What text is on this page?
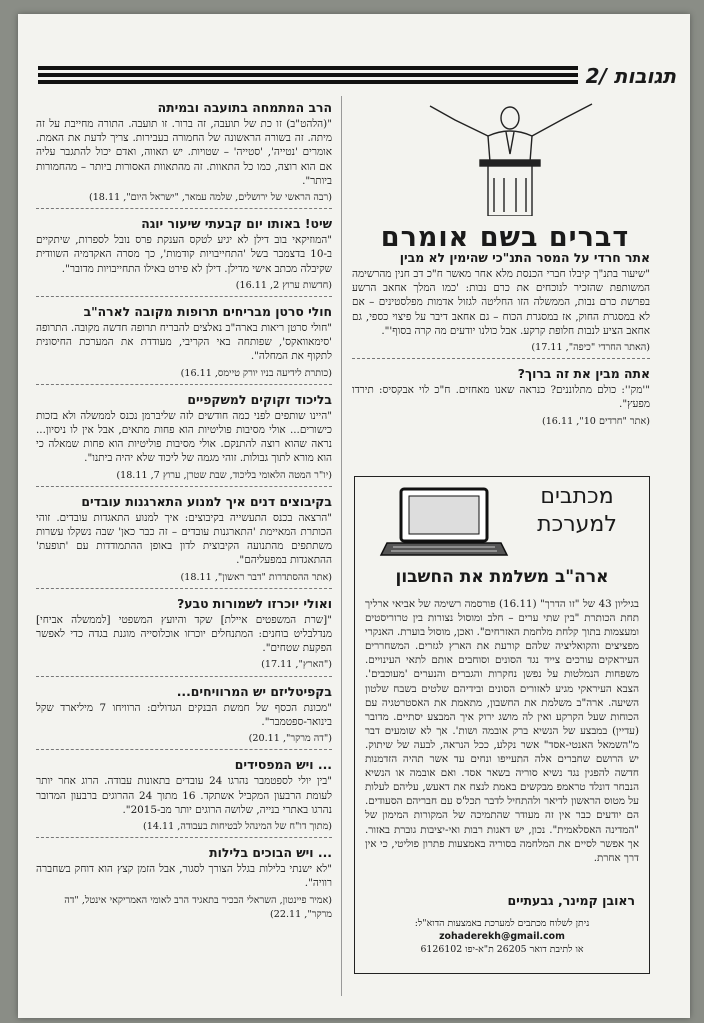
תגובות /2
דברים בשם אומרם
הרב המתמחה בתועבה ובמיתה

"(הלהט"ב) זו כת של תועבה, זה ברור. זו תועבה. התורה מחייבת על זה מיתה. זה בשורה הראשונה של החמורה בעבירות. צריך לדעת את האמת. אומרים 'נטייה', 'סטייה' – שטויות. יש תאווה, ואדם יכול להתגבר עליה אם הוא רוצה, כמו כל התאוות. זה מהתאוות האסורות ביותר – מהחמורות ביותר".

(רבה הראשי של ירושלים, שלמה עמאר, "ישראל היום", 18.11)
שיט! באותו יום קבעתי שיעור יוגה

"המוזיקאי בוב דילן לא יגיע לטקס הענקת פרס נובל לספרות, שיתקיים ב-10 בדצמבר בשל 'התחייבויות קודמות', כך מסרה האקדמיה השוודית שקיבלה מכתב אישי מדילן. דילן לא פירט באילו התחייבויות מדובר".

(חדשות ערוץ 2, 16.11)
חולי סרטן מבריחים תרופות מקובה לארה"ב

"חולי סרטן ריאות בארה"ב נאלצים להבריח תרופה חדשה מקובה. התרופה 'סימאוואקס', שפותחה באי הקריבי, מעודדת את המערכת החיסונית לתקוף את המחלה".

(כותרת לידיעה בניו יורק טיימס, 16.11)
בליכוד זקוקים למשקפיים

"היינו שותפים לפני כמה חודשים לזה שליברמן נכנס לממשלה ולא בזכות כישורים... אולי מסיבות פוליטיות הוא פחות מתאים, אבל אין לו ניסיון... נראה שהוא רוצה להתנקם. אולי מסיבות פוליטיות הוא פחות שמאלה כי הוא מורא לתוך גבולות. זוהי מגמה של ליכוד שלא יהיה ביתנו".

(יו"ר המטה הלאומי בליכוד, שבת שטרן, ערוץ 7, 18.11)
בקיבוצים דנים איך למנוע התארגנות עובדים

"הרצאה בכנס התעשייה בקיבוצים: איך למנוע התאגדות עובדים. זוהי הכותרת המאיימת 'התארגנות עובדים – זה כבר כאן' שבה נשקלו עשרות משתתפים מהתנועה הקיבוצית לדון באופן ההתמודדות עם 'תופעת' ההתאגדות במפעליהם".

(אתר ההסתדרות "דבר ראשון", 18.11)
ואולי יוכרזו לשמורות טבע?

"[שרת המשפטים איילת] שקד והיועץ המשפטי [לממשלה אביחי] מנדלבליט בוחנים: המתנחלים יוכרזו אוכלוסייה מוגנת בגדה כדי לאפשר הפקעת שטחים".

("הארץ", 17.11)
בקפיטליזם יש המרוויחים...

"מכונת הכסף של חמשת הבנקים הגדולים: הרוויחו 7 מיליארד שקל בינואר-ספטמבר".

("דה מרקר", 20.11)
... ויש המפסידים

"בין יולי לספטמבר נהרגו 24 עובדים בתאונות עבודה. הרוג אחר יותר לעומת הרבעון המקביל אשתקד. 16 מתוך 24 ההרוגים ברבעון המדובר נהרגו באתרי בנייה, שלושה הרוגים יותר מב-2015".

(מתוך דו"ח של המינהל לבטיחות בעבודה, 14.11)
... ויש הבוכים בלילות

"לא ישנתי בלילות בגלל הצורך לסגור, אבל הזמן קצץ הוא דוחק בשחברה רוויה".

(אמיר פיינטון, השראלי הבכיר בתאגיד הרב לאומי האמריקאי אינטל, "דה מרקר", 22.11)
אתר חרדי על המסר התנ"כי שהימין לא מבין

"שיעור בתנ"ך קיבלו חברי הכנסת מלא אחר מאשר ח"כ דב חנין מהרשימה המשותפת שהזכיר לנוכחים את כרם נבות: 'כמו המלך אחאב הרשע בפרשת כרם נבות, הממשלה הזו החליטה לגזול אדמות מפלסטינים – אם לא במסגרת החוק, אז במסגרת הכוח – גם אחאב דיבר על פיצוי כספי, גם אחאב הציע לנבות חלופת קרקע. אבל כולנו יודעים מה קרה בסוף'".

(האתר החרדי "כיפה", 17.11)
אתה מבין את זה ברוך?

"'מק'': כולם מתלוננים? כנראה שאנו מאחזים. ח"כ לוי אבקסיס: תירדו מפעץ".

(אתר "חרדים 10", 16.11)
מכתבים למערכת
ארה"ב משלמת את החשבון

בגיליון 43 של "זו הדרך" (16.11) פורסמה רשימה של אביאי ארליך תחת הכותרת "בין שתי ערים – חלב ומוסול נצורות בין טרוריסטים ומעצמות בתוך קלחת מלחמת האזרחים". ואכן, מוסול בוערת. האנקרי מפציצים והקואליציה שלהם קורעת את הארץ לגזרים. המשחררים העיראקים עורכים צייד נגד הסונים וסוחבים אותם לתאי העינויים. משפחות הנמלטות על נפשן נחקרות והגברים והנערים 'מעוכבים'. הצבא העיראקי מגיע לאזורים הסונים ובידיהם שלטים בשבח שלטון השיעה. ארה"ב משלמת את החשבון, מתאמת את האסטרטגיה עם הכוחות שעל הקרקע ואין לה מושג ירוק איך המבצע יסתיים. מדובר (עדיין) במבצע של הנשיא ברק אובמה ושות'. אך לא שומעים דבר מ"השמאל האנטי-אסד" אשר נקלע, ככל הנראה, לבעה של שיתוק. יש הרושם שחברים אלה התעייפו ונחים עד אשר תהיה הזדמנות חדשה להפגין נגד נשיא סוריה בשאר אסד. ואם אובמה או הנשיא הנבחר דונלד טראמפ מבקשים באמת לנצח את דאעש, עליהם לעלות על מטוס הראשון לדיאר ולהתחיל לדבר תכל'ס עם חבריהם הסעודים. הם יודעים כבר אין זה מעודר שהתמיכה של המקורות המימון של "המדינה האסלאמית". נכון, יש דאגות רבות ואי-יציבות גוברת באזור. אך אפשר לסיים את המלחמה בסוריה באמצעות פתרון פוליטי, כי אין דרך אחרת.

ראובן קמינר, גבעתיים
ניתן לשלוח מכתבים למערכת באמצעות הדוא"ל:
zohaderekh@gmail.com
או לתיבת דואר 26205 ת"א-יפו 6126102
